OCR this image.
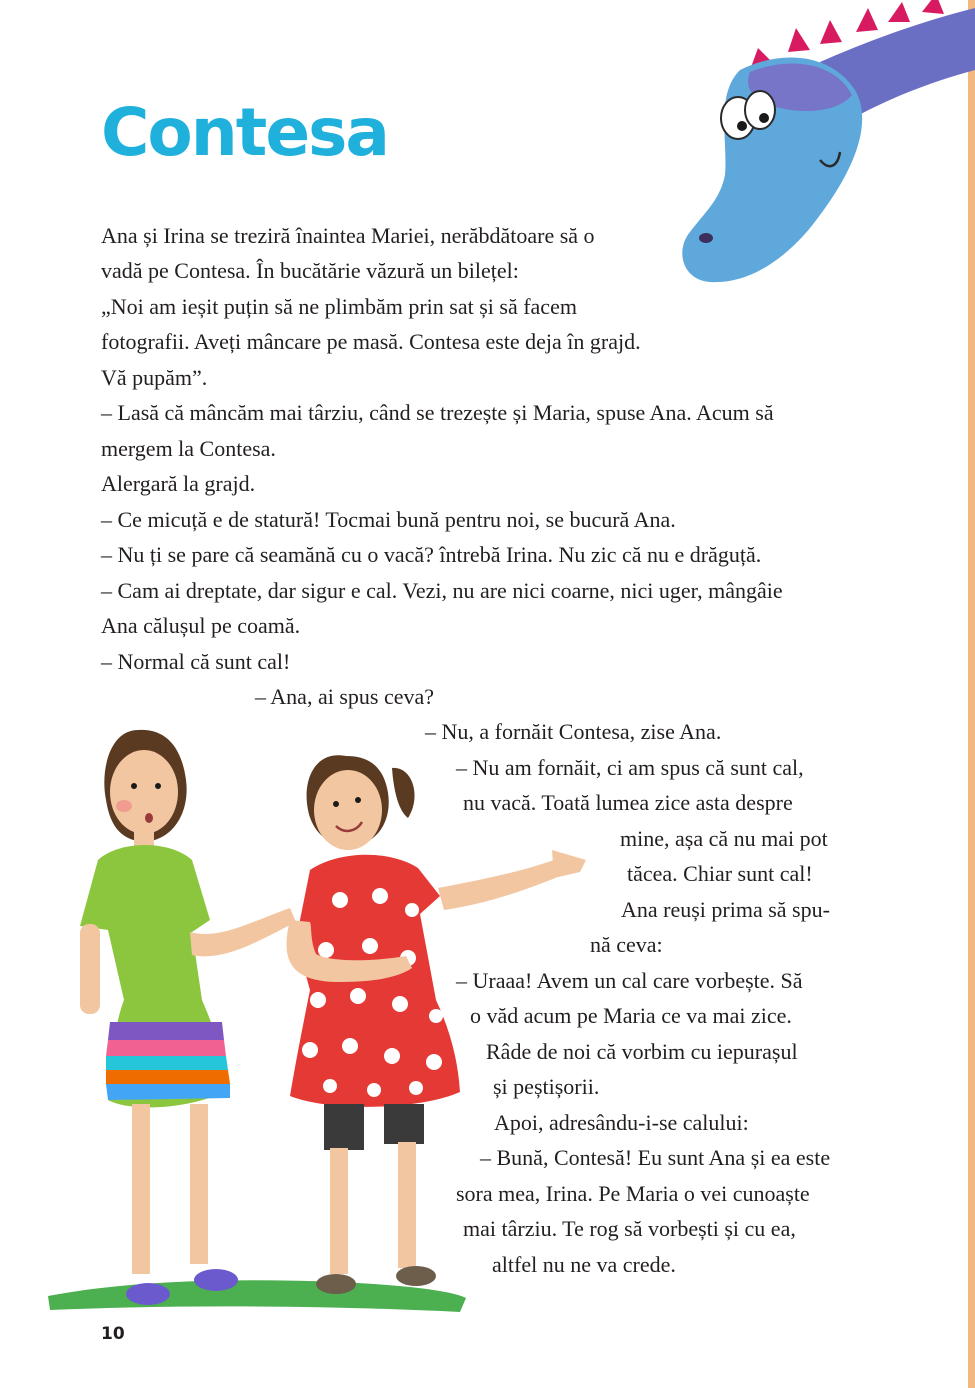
Contesa

Ana și Irina se treziră înaintea Mariei, nerăbdătoare să o

vadă pe Contesa. În bucătărie văzură un bilețel:

„Noi am ieșit puțin să ne plimbăm prin sat și să facem

fotografii. Aveți mâncare pe masă. Contesa este deja în grajd.

Vă pupăm”.

– Lasă că mâncăm mai târziu, când se trezește și Maria, spuse Ana. Acum să

mergem la Contesa.

Alergară la grajd.

– Ce micuță e de statură! Tocmai bună pentru noi, se bucură Ana.

– Nu ți se pare că seamănă cu o vacă? întrebă Irina. Nu zic că nu e drăguță.

– Cam ai dreptate, dar sigur e cal. Vezi, nu are nici coarne, nici uger, mângâie

Ana călușul pe coamă.

– Normal că sunt cal!

– Ana, ai spus ceva?

– Nu, a fornăit Contesa, zise Ana.

– Nu am fornăit, ci am spus că sunt cal,

nu vacă. Toată lumea zice asta despre

mine, așa că nu mai pot

tăcea. Chiar sunt cal!

Ana reuși prima să spu-

nă ceva:

– Uraaa! Avem un cal care vorbește. Să

o văd acum pe Maria ce va mai zice.

Râde de noi că vorbim cu iepurașul

și peștișorii.

Apoi, adresându-i-se calului:

– Bună, Contesă! Eu sunt Ana și ea este

sora mea, Irina. Pe Maria o vei cunoaște

mai târziu. Te rog să vorbești și cu ea,

altfel nu ne va crede.

10
